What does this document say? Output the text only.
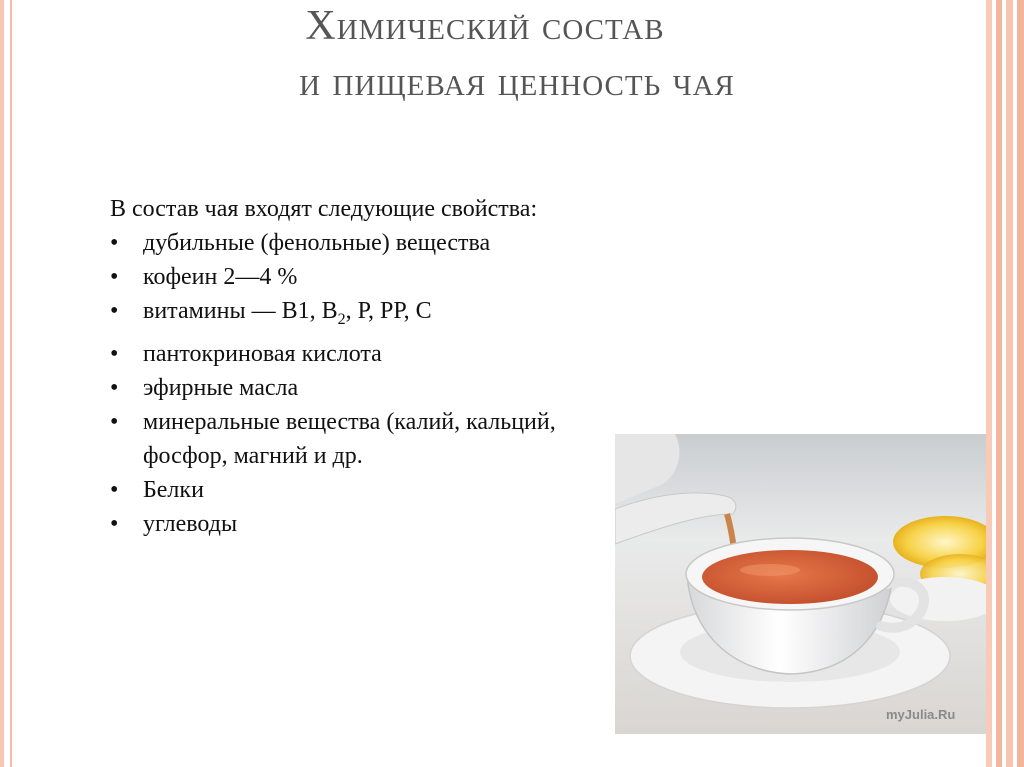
Химический состав
и пищевая ценность чая

В состав чая входят следующие свойства:

• дубильные (фенольные) вещества
• кофеин 2—4 %
• витамины — В1, $В_2$, Р, РР, С
• пантокриновая кислота
• эфирные масла
• минеральные вещества (калий, кальций, фосфор, магний и др.
• Белки
• углеводы
myJulia.Ru
